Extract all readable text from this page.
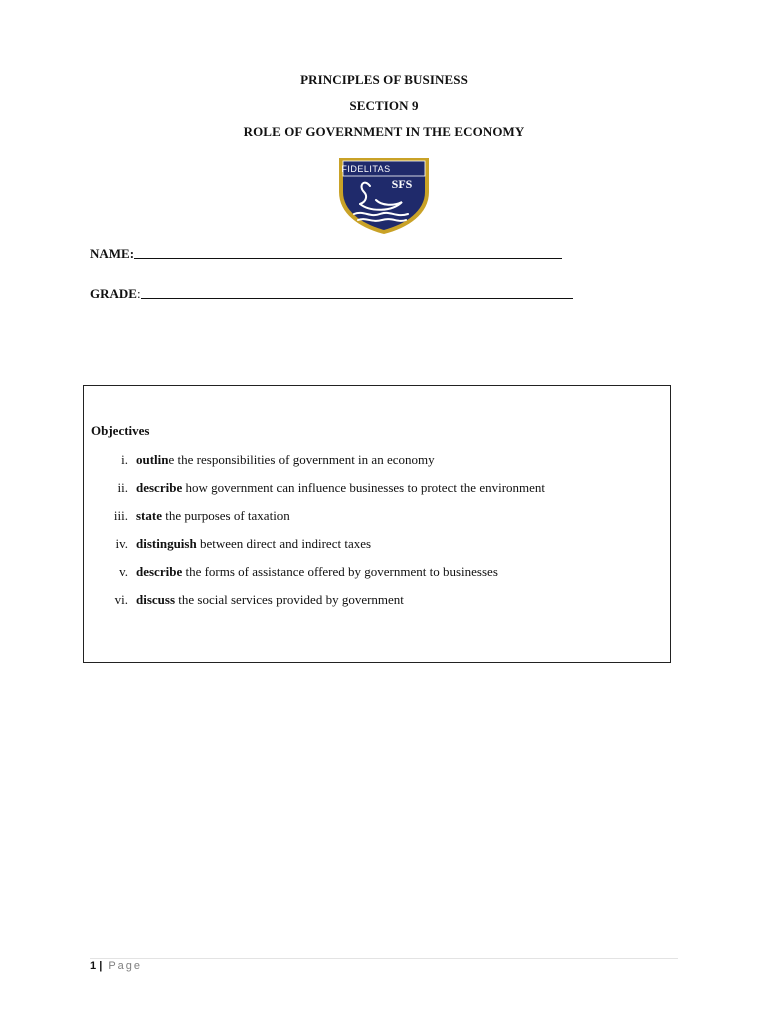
PRINCIPLES OF BUSINESS
SECTION 9
ROLE OF GOVERNMENT IN THE ECONOMY
FIDELITAS
SFS
NAME:
GRADE :
Objectives
i. outline the responsibilities of government in an economy
ii. describe how government can influence businesses to protect the environment
iii. state the purposes of taxation
iv. distinguish between direct and indirect taxes
v. describe the forms of assistance offered by government to businesses
vi. discuss the social services provided by government
1 | Page
